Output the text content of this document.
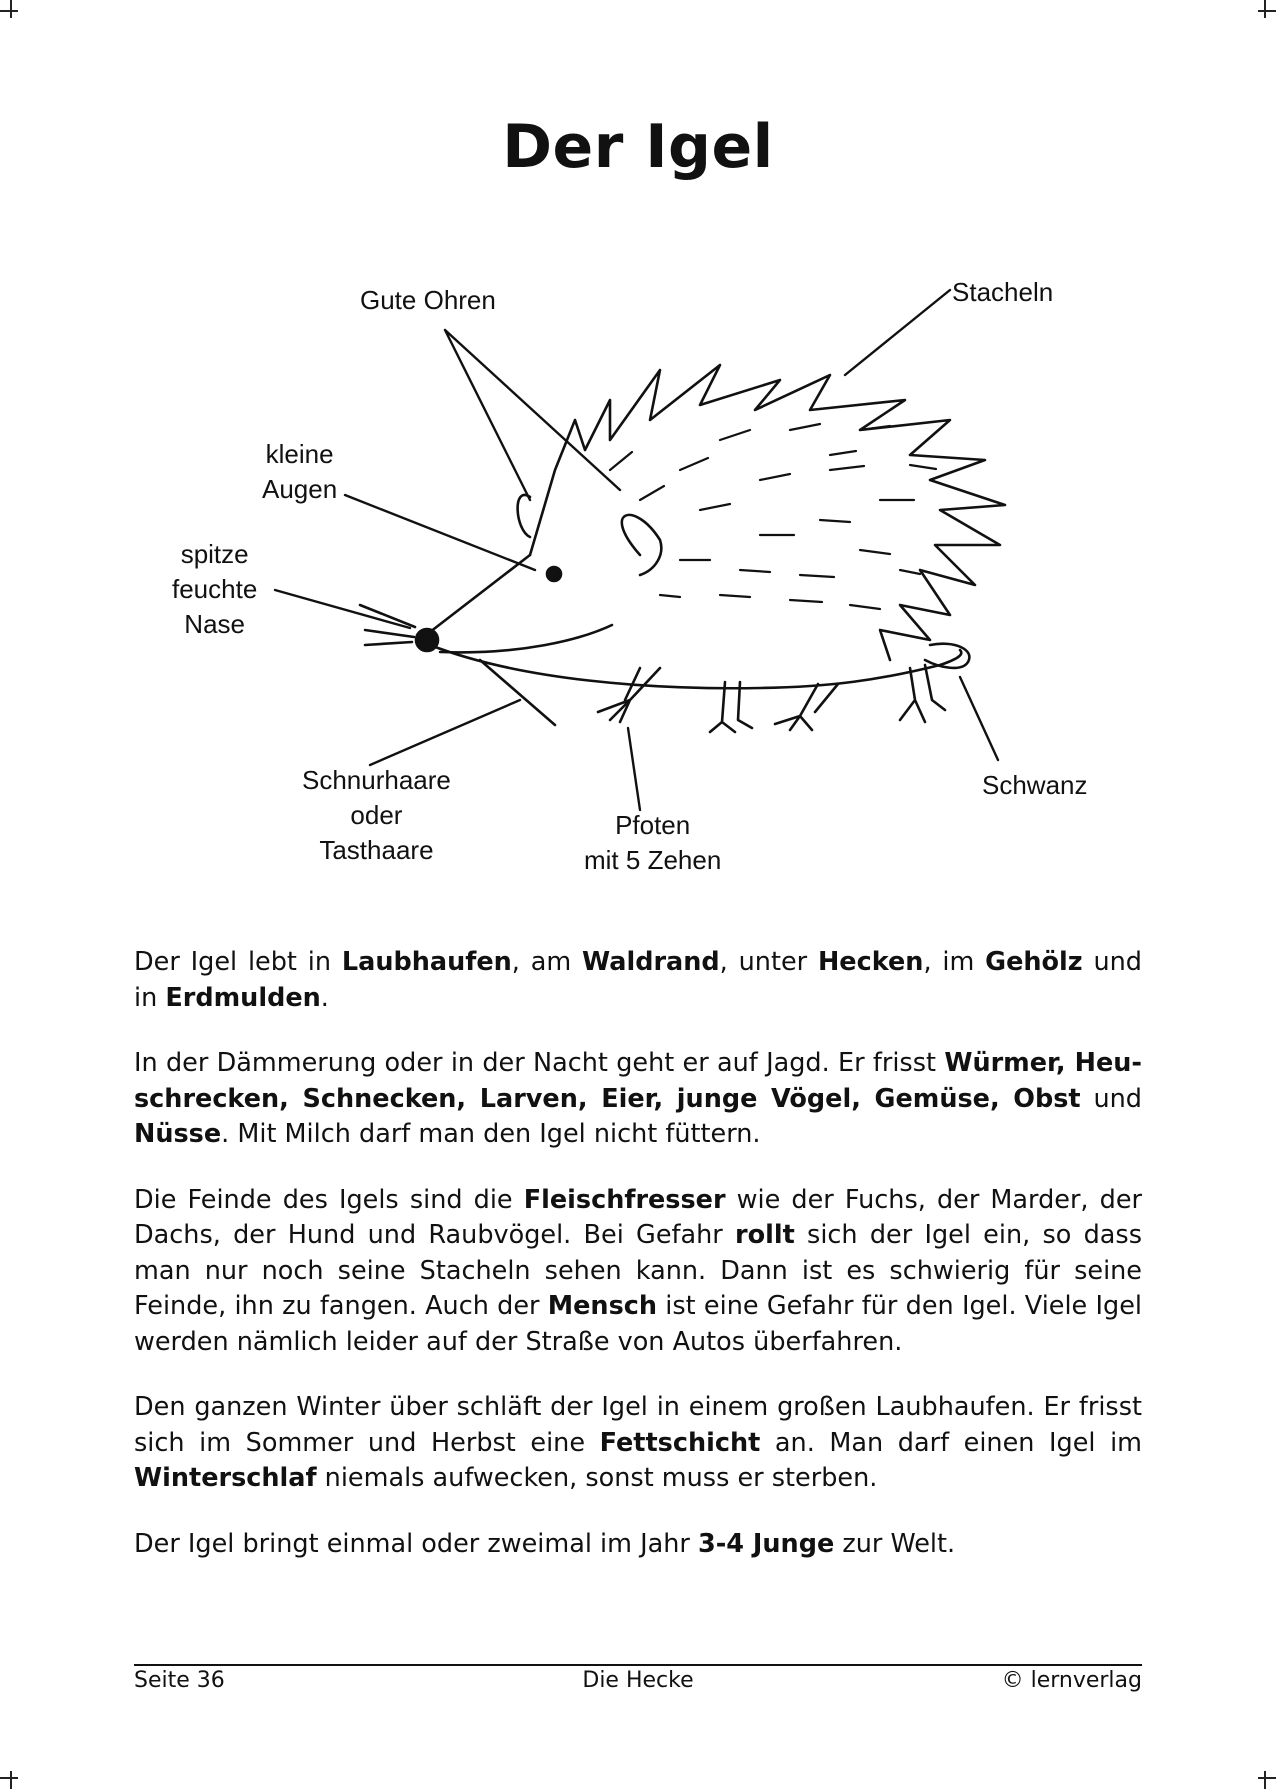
Der Igel
Gute Ohren	Stacheln
kleine
Augen
spitze
feuchte
Nase
Schnurhaare
oder
Tasthaare
Pfoten
mit 5 Zehen
Schwanz

Der Igel lebt in Laubhaufen, am Waldrand, unter Hecken, im Gehölz und in Erdmulden.

In der Dämmerung oder in der Nacht geht er auf Jagd. Er frisst Würmer, Heuschrecken, Schnecken, Larven, Eier, junge Vögel, Gemüse, Obst und Nüsse. Mit Milch darf man den Igel nicht füttern.

Die Feinde des Igels sind die Fleischfresser wie der Fuchs, der Marder, der Dachs, der Hund und Raubvögel. Bei Gefahr rollt sich der Igel ein, so dass man nur noch seine Stacheln sehen kann. Dann ist es schwierig für seine Feinde, ihn zu fangen. Auch der Mensch ist eine Gefahr für den Igel. Viele Igel werden nämlich leider auf der Straße von Autos überfahren.

Den ganzen Winter über schläft der Igel in einem großen Laubhaufen. Er frisst sich im Sommer und Herbst eine Fettschicht an. Man darf einen Igel im Winterschlaf niemals aufwecken, sonst muss er sterben.

Der Igel bringt einmal oder zweimal im Jahr 3-4 Junge zur Welt.

Seite 36	Die Hecke	© lernverlag
